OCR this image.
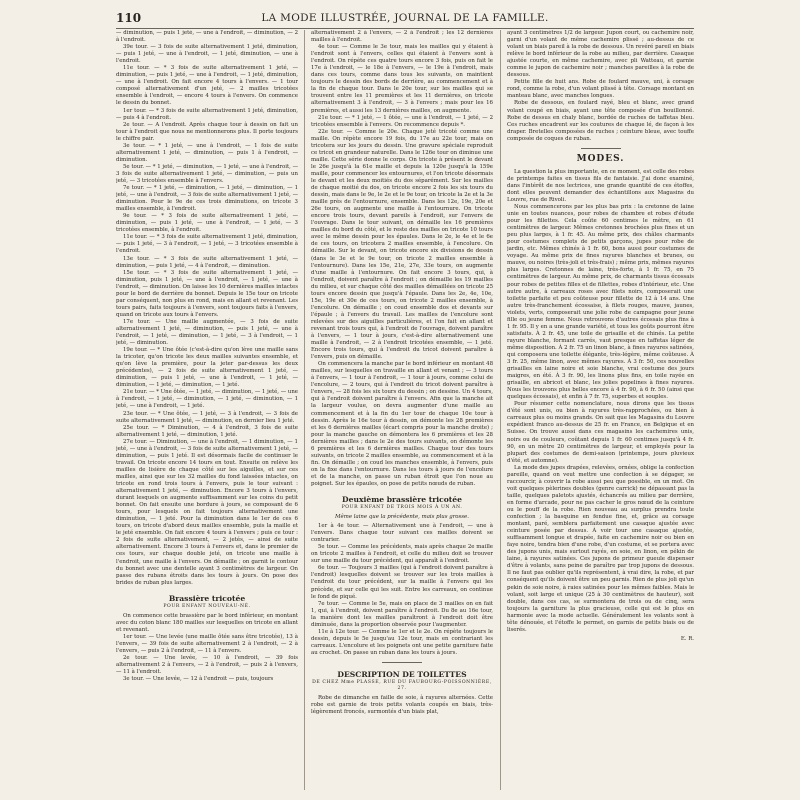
110	LA MODE ILLUSTRÉE, JOURNAL DE LA FAMILLE.

— diminution, — puis 1 jeté, — une à l'endroit, — diminution, — 2 à l'endroit.

39e tour. — 3 fois de suite alternativement 1 jeté, diminution, — puis 1 jeté, — une à l'endroit, — 1 jeté, diminution, — une à l'endroit.

11e tour. — * 3 fois de suite alternativement 1 jeté, — diminution, — puis 1 jeté, — une à l'endroit, — 1 jeté, diminution, — une à l'endroit. On fait encore 4 tours à l'envers. — 1 tour composé alternativement d'un jeté, — 2 mailles tricotées ensemble à l'endroit, — encore 4 tours à l'envers. On commence le dessin du bonnet.

1er tour. — * 3 fois de suite alternativement 1 jeté, diminution, — puis 4 à l'endroit.

2e tour. — A l'endroit. Après chaque tour à dessin on fait un tour à l'endroit que nous ne mentionnerons plus. Il porte toujours le chiffre pair.

3e tour. — * 1 jeté, — une à l'endroit, — 1 fois de suite alternativement 1 jeté, — diminution, — puis 1 à l'endroit, — diminution.

5e tour. — * 1 jeté, — diminution, — 1 jeté, — une à l'endroit, — 3 fois de suite alternativement 1 jeté, — diminution, — puis un jeté, — 3 tricotées ensemble à l'envers.

7e tour. — * 1 jeté, — diminution, — 1 jeté, — diminution, — 1 jeté, — une à l'endroit, — 3 fois de suite alternativement 1 jeté, — diminution. Pour le 9e de ces trois diminutions, on tricote 3 mailles ensemble, à l'endroit.

9e tour. — * 3 fois de suite alternativement 1 jeté, — diminution, — puis 1 jeté, — une à l'endroit, — 1 jeté, — 3 tricotées ensemble, à l'endroit.

11e tour. — * 3 fois de suite alternativement 1 jeté, diminution, — puis 1 jeté, — 3 à l'endroit, — 1 jeté, — 3 tricotées ensemble à l'endroit.

13e tour. — * 3 fois de suite alternativement 1 jeté, — diminution, — puis 1 jeté, — 4 à l'endroit, — diminution.

15e tour. — * 3 fois de suite alternativement 1 jeté, — diminution, puis 1 jeté, — une à l'endroit, — 1 jeté, — une à l'endroit, — diminution. On laisse les 10 dernières mailles intactes pour le bord de derrière du bonnet. Depuis le 15e tour on tricote par conséquent, non plus en rond, mais en allant et revenant. Les tours pairs, faits toujours à l'envers, sont toujours faits à l'envers, quand on tricote aux tours à l'envers.

17e tour. — Une maille augmentée, — 3 fois de suite alternativement 1 jeté, — diminution, — puis 1 jeté, — une à l'endroit, — 1 jeté, — diminution, — 1 jeté, — 3 à l'endroit, — 1 jeté, — diminution.

19e tour. — * Une ôtée (c'est-à-dire qu'on lève une maille sans la tricoter, qu'on tricote les deux mailles suivantes ensemble, et qu'on lève la première, pour la jeter par-dessus les deux précédentes), — 2 fois de suite alternativement 1 jeté, — diminution, — puis 1 jeté, — une à l'endroit, — 1 jeté, — diminution, — 1 jeté, — diminution, — 1 jeté.

21e tour. — * Une ôtée, — 1 jeté, — diminution, — 1 jeté, — une à l'endroit, — 1 jeté, — diminution, — 1 jeté, — diminution, — 1 jeté, — une à l'endroit, — 1 jeté.

23e tour. — * Une ôtée, — 1 jeté, — 3 à l'endroit, — 3 fois de suite alternativement 1 jeté, — diminution, en dernier lieu 1 jeté.

25e tour. — * Diminution, — 4 à l'endroit, 3 fois de suite alternativement 1 jeté, — diminution, 1 jeté.

27e tour. — Diminution, — une à l'endroit, — 1 diminution, — 1 jeté, — une à l'endroit, — 3 fois de suite alternativement 1 jeté, — diminution, — puis 1 jeté. Il est désormais facile de continuer le travail. On tricote encore 14 tours en tout. Ensuite on relève les mailles de lisière de chaque côté sur les aiguilles, et sur ces mailles, ainsi que sur les 32 mailles du fond laissées intactes, on tricote en rond trois tours à l'envers, puis le tour suivant : alternativement 1 jeté, — diminution. Encore 3 tours à l'envers, durant lesquels on augmente suffisamment sur les coins du petit bonnet. On fait ensuite une bordure à jours, se composant de 6 tours, pour lesquels on fait toujours alternativement une diminution, — 1 jeté. Pour la diminution dans le 1er de ces 6 tours, on tricote d'abord deux mailles ensemble, puis la maille et le jeté ensemble. On fait encore 4 tours à l'envers ; puis ce tour : 2 fois de suite alternativement, — 2 jetés, — ainsi de suite alternativement. Encore 3 tours à l'envers et, dans le premier de ces tours, sur chaque double jeté, on tricote une maille à l'endroit, une maille à l'envers. On démaille ; on garnit le contour du bonnet avec une dentelle ayant 3 centimètres de largeur. On passe des rubans étroits dans les tours à jours. On pose des brides de ruban plus larges.

Brassière tricotée
POUR ENFANT NOUVEAU-NÉ.

On commence cette brassière par le bord inférieur, en montant avec du coton blanc 180 mailles sur lesquelles on tricote en allant et revenant.

1er tour. — Une levée (une maille ôtée sans être tricotée), 13 à l'envers, — 39 fois de suite alternativement 2 à l'endroit, — 2 à l'envers, — puis 2 à l'endroit, — 11 à l'envers.

2e tour. — Une levée, — 10 à l'endroit, — 39 fois alternativement 2 à l'envers, — 2 à l'endroit, — puis 2 à l'envers, — 11 à l'endroit.

3e tour. — Une levée, — 12 à l'endroit — puis, toujours

alternativement 2 à l'envers, — 2 à l'endroit ; les 12 dernières mailles à l'endroit.

4e tour. — Comme le 3e tour, mais les mailles qui y étaient à l'endroit sont à l'envers, celles qui étaient à l'envers sont à l'endroit. On répète ces quatre tours encore 3 fois, puis on fait le 17e à l'endroit, — le 18e à l'envers, — le 19e à l'endroit, mais dans ces tours, comme dans tous les suivants, on maintient toujours le dessin des bords de derrière, au commencement et à la fin de chaque tour. Dans le 20e tour, sur les mailles qui se trouvent entre les 11 premières et les 11 dernières, on tricote alternativement 3 à l'endroit, — 3 à l'envers ; mais pour les 16 premières, et aussi les 13 dernières mailles, on augmente.

21e tour. — * 1 jeté, — 1 ôtée, — une à l'endroit, — 1 jeté, — 2 tricotées ensemble à l'envers. On recommence depuis *.

22e tour. — Comme le 20e. Chaque jeté tricoté comme une maille. On répète encore 19 fois, du 17e au 22e tour, mais on tricotera sur les jours du dessin. Une gravure spéciale reproduit ce tricot en grandeur naturelle. Dans le 126e tour on diminue une maille. Cette série donne le corps. On tricote à présent le devant le 26e jusqu'à la 61e maille et depuis la 120e jusqu'à la 159e maille, pour commencer les entournures, et l'on tricote désormais le devant et les deux moitiés du dos séparément. Sur les mailles de chaque moitié du dos, on tricote encore 2 fois les six tours du dessin, mais dans le 9e, le 2e et le 9e tour, on tricote la 2e et la 3e maille près de l'entournure, ensemble. Dans les 12e, 19e, 20e et 26e tours, on augmente une maille à l'entournure. On tricote encore trois tours, devant pareils à l'endroit, sur l'envers de l'ouvrage. Dans le tour suivant, on démaille les 16 premières mailles du bord du côté, et le reste des mailles on tricote 10 tours avec le même dessin pour les épaules. Dans le 2e, le 4e et le 6e de ces tours, on tricotera 2 mailles ensemble, à l'encolure. On démaille. Sur le devant, on tricote encore six divisions de dessin (dans le 3e et le 9e tour, on tricote 2 mailles ensemble à l'entournure). Dans les 15e, 21e, 27e, 33e tours, on augmente d'une maille à l'entournure. On fait encore 3 tours, qui, à l'endroit, doivent paraître à l'endroit ; on démaille les 19 mailles du milieu, et sur chaque côté des mailles démaillées on tricote 25 tours encore dessin que jusqu'à l'épaule. Dans les 2e, 4e, 10e, 15e, 19e et 30e de ces tours, on tricote 2 mailles ensemble, à l'encolure. On démaille ; on coud ensemble dos et devants sur l'épaule ; à l'envers du travail. Les mailles de l'encolure sont relevées sur des aiguilles particulières, et l'on fait en allant et revenant trois tours qui, à l'endroit de l'ouvrage, doivent paraître à l'envers, — 1 tour à jours, c'est-à-dire alternativement une maille à l'endroit, — 2 à l'endroit tricotées ensemble, — 1 jeté. Encore trois tours, qui à l'endroit du tricot doivent paraître à l'envers, puis on démaille.

On commencera la manche par le bord inférieur en montant 48 mailles, sur lesquelles on travaille en allant et venant ; — 3 tours à l'envers, — 1 tour à l'endroit, — 1 tour à jours, comme celui de l'encolure, — 2 tours, qui à l'endroit du tricot doivent paraître à l'envers, — 28 fois les six tours du dessin ; on dessine. Un 4 tours, qui à l'endroit doivent paraître à l'envers. Afin que la manche ait la largeur voulue, on devra augmenter d'une maille au commencement et à la fin du 1er tour de chaque 10e tour à dessin. Après le 16e tour à dessin, on démonte les 28 premières et les 6 dernières mailles (écart compris pour la manche droite) ; pour la manche gauche on démontera les 6 premières et les 28 dernières mailles ; dans le 2e des tours suivants, on démonte les 6 premières et les 6 dernières mailles. Chaque tour des tours suivants, on tricote 2 mailles ensemble, au commencement et à la fin. On démaille ; on coud les manches ensemble, à l'envers, puis on la fixe dans l'entournure. Dans les tours à jours de l'encolure et de la manche, on passe un ruban étroit que l'on noue au poignet. Sur les épaules, on pose de petits nœuds de ruban.

Deuxième brassière tricotée
POUR ENFANT DE TROIS MOIS À UN AN.

Même laine que la précédente, mais plus grosse.

1er à 4e tour. — Alternativement une à l'endroit, — une à l'envers. Dans chaque tour suivant ces mailles doivent se contrarier.

5e tour. — Comme les précédents, mais après chaque 2e maille on tricote 2 mailles à l'endroit, et celle du milieu doit se trouver sur une maille du tour précédent, qui apparaît à l'endroit.

6e tour. — Toujours 3 mailles (qui à l'endroit doivent paraître à l'endroit) lesquelles doivent se trouver sur les trois mailles à l'endroit du tour précédent, sur la maille à l'envers qui les précède, et sur celle qui les suit. Entre les carreaux, on continue le fond de piqué.

7e tour. — Comme le 5e, mais on place de 3 mailles on en fait 1, qui, à l'endroit, doivent paraître à l'endroit. Du 8e au 16e tour, la manière dont les mailles paraîtront à l'endroit doit être diminuée, dans la proportion observée pour l'augmenter.

11e à 12e tour. — Comme le 1er et le 2e. On répète toujours le dessin, depuis le 5e jusqu'au 12e tour, mais en contrariant les carreaux. L'encolure et les poignets ont une petite garniture faite au crochet. On passe un ruban dans les tours à jours.

DESCRIPTION DE TOILETTES
DE CHEZ Mme PLASSE, RUE DU FAUBOURG-POISSONNIÈRE, 27.

Robe de dimanche en faille de soie, à rayures alternées. Cette robe est garnie de trois petits volants coupés en biais, très-légèrement froncés, surmontés d'un biais plat,

ayant 3 centimètres 1/2 de largeur. Jupon court, ou cachemire noir, garni d'un volant de même cachemire plissé ; au-dessus de ce volant un biais pareil à la robe de dessous. Un revéré pareil en biais relève le bord inférieur de la robe au milieu, par derrière. Casaque ajustée courte, en même cachemire, avec pli Watteau, et garnie comme le jupon de cachemire noir ; manches pareilles à la robe de dessous.

Petite fille de huit ans. Robe de foulard mauve, uni, à corsage rond, comme la robe, d'un volant plissé à tête. Corsage montant en manteau blanc, avec manches longues.

Robe de dessous, en foulard rayé, bleu et blanc, avec grand volant coupé en biais, ayant une tête composée d'un bouillonné. Robe de dessus en chaly blanc, bordée de ruches de taffetas bleu. Ces ruches encadrent sur les coutures de chaque lé, de façon à les draper. Bretelles composées de ruches ; ceinture bleue, avec touffe composée de coques de ruban.

MODES.

La question la plus importante, en ce moment, est celle des robes de printemps faites en tissus fils de fantaisie. J'ai donc examiné, dans l'intérêt de nos lectrices, une grande quantité de ces étoffes, dont elles peuvent demander des échantillons aux Magasins du Louvre, rue de Rivoli.

Nous commencerons par les plus bas prix : la cretonne de laine unie en toutes nuances, pour robes de chambre et robes d'étude pour les fillettes. Cela coûte 60 centimes le mètre, en 61 centimètres de largeur. Mêmes cretonnes brochées plus fines et un peu plus larges, à 1 fr. 45. Au même prix, des châles charmants pour costumes complets de petits garçons, jupes pour robe de jardin, etc. Mêmes chinés à 1 fr. 60, bons aussi pour costumes de voyage. Au même prix de fines rayures blanches et brunes, ou mauve, ou noires (très-joli et très-frais) ; même prix, mêmes rayures plus larges. Cretonnes de laine, très-forte, à 1 fr. 75, en 75 centimètres de largeur. Au même prix, de charmants tissus écossais pour robes de petites filles et de fillettes, robes d'intérieur, etc. Une autre autre, à carreaux roses avec filets noirs, composerait une toilette parfaite et peu coûteuse pour fillette de 12 à 14 ans. Une autre très-franchement écossaise, à filets rouges, mauve, jaunes, violets, verts, composerait une jolie robe de campagne pour jeune fille ou jeune femme. Nous retrouvons d'autres écossais plus fins à 1 fr. 95. Il y en a une grande variété, et tous les goûts pourront être satisfaits. À 2 fr. 45, une toile de grisaille et de chinés. La petite rayure blanche, formant carrés, vaut presque en taffetas léger de même disposition. À 2 fr. 75 un linon blanc, à fines rayures satinées, qui composera une toilette élégante, très-légère, même coûteuse. À 3 fr. 25, même linon, avec mêmes rayures. À 3 fr. 50, ces nouvelles grisailles en laine noire et soie blanche, vrai costume des jours maigres, en été. À 3 fr. 90, les linons plus fins, en toile rayée en grisaille, en abricot et blanc, les jolies popelines à fines rayures. Nous les trouvons plus belles encore à 4 fr. 90, à 6 fr. 50 (ainsi que quelques écossais), et enfin à 7 fr. 75, superbes et souples.

Pour résumer cette nomenclature, nous dirons que les tissus d'été sont unis, ou bien à rayures très-rapprochées, ou bien à carreaux plus ou moins grands. On sait que les Magasins du Louvre expédient franco au-dessus de 25 fr. en France, en Belgique et en Suisse. On trouve aussi dans ces magasins les cachemires unis, noirs ou de couleurs, coûtant depuis 1 fr. 60 centimes jusqu'à 4 fr. 90, en un mètre 20 centimètres de largeur, et employés pour la plupart des costumes de demi-saison (printemps, jours pluvieux d'été, et automne).

La mode des jupes drapées, relevées, ornées, oblige la confection pareille, quand on veut mettre une confection à se dégager, se raccourcir, à couvrir la robe aussi peu que possible, en un mot. On voit quelques pèlerines doubles (genre carrick) ne dépassant pas la taille, quelques paletots ajustés, échancrés au milieu par derrière, en forme d'arcade, pour ne pas cacher le gros nœud de la ceinture ou le pouff de la robe. Rien nouveau au surplus prendra toute confection ; la basquine en fendue fine, et, grâce au corsage montant, paré, semblera parfaitement une casaque ajustée avec ceinture posée par dessus. À voir tour une casaque ajustée, suffisamment longue et drapée, faite en cachemire noir ou bien en faye noire, tendra bien d'une robe, d'un costume, et se portera avec des jupons unis, mais surtout rayés, en soie, en linon, en pékin de laine, à rayures satinées. Ces jupons de primeur gueule dispenser d'être à volants, sans peine de paraître par trop jupons de dessous. Il ne faut pas oublier qu'ils représentent, à vrai dire, la robe, et par conséquent qu'ils doivent être un peu garnis. Rien de plus joli qu'un pekin de soie noire, à raies satinées pour les mêmes faibles. Mais le volant, soit large et unique (25 à 30 centimètres de hauteur), soit double, dans ces cas, se surmontera de trois ou de cinq, sera toujours la garniture la plus gracieuse, celle qui est le plus en harmonie avec la mode actuelle. Généralement les volants sont à tête dénouée, et l'étoffe le permet, on garnis de petits biais ou de liserés.

E. R.
